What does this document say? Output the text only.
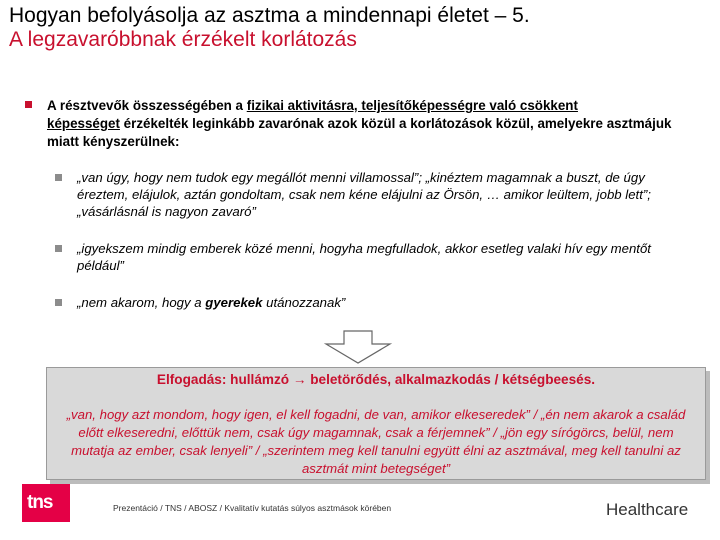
Hogyan befolyásolja az asztma a mindennapi életet – 5.
A legzavaróbbnak érzékelt korlátozás
A résztvevők összességében a fizikai aktivitásra, teljesítőképességre való csökkent
képességet érzékelték leginkább zavarónak azok közül a korlátozások közül, amelyekre asztmájuk miatt kényszerülnek:
„van úgy, hogy nem tudok egy megállót menni villamossal”; „kinéztem magamnak a buszt, de úgy éreztem, elájulok, aztán gondoltam, csak nem kéne elájulni az Örsön, … amikor leültem, jobb lett”; „vásárlásnál is nagyon zavaró”
„igyekszem mindig emberek közé menni, hogyha megfulladok, akkor esetleg valaki hív egy mentőt például”
„nem akarom, hogy a gyerekek utánozzanak”
Elfogadás: hullámzó → beletörődés, alkalmazkodás / kétségbeesés.
„van, hogy azt mondom, hogy igen, el kell fogadni, de van, amikor elkeseredek” / „én nem akarok a család előtt elkeseredni, előttük nem, csak úgy magamnak, csak a férjemnek” / „jön egy sírógörcs, belül, nem mutatja az ember, csak lenyeli” / „szerintem meg kell tanulni együtt élni az asztmával, meg kell tanulni az asztmát mint betegséget”
tns	Prezentáció / TNS / ABOSZ / Kvalitatív kutatás súlyos asztmások körében	Healthcare
